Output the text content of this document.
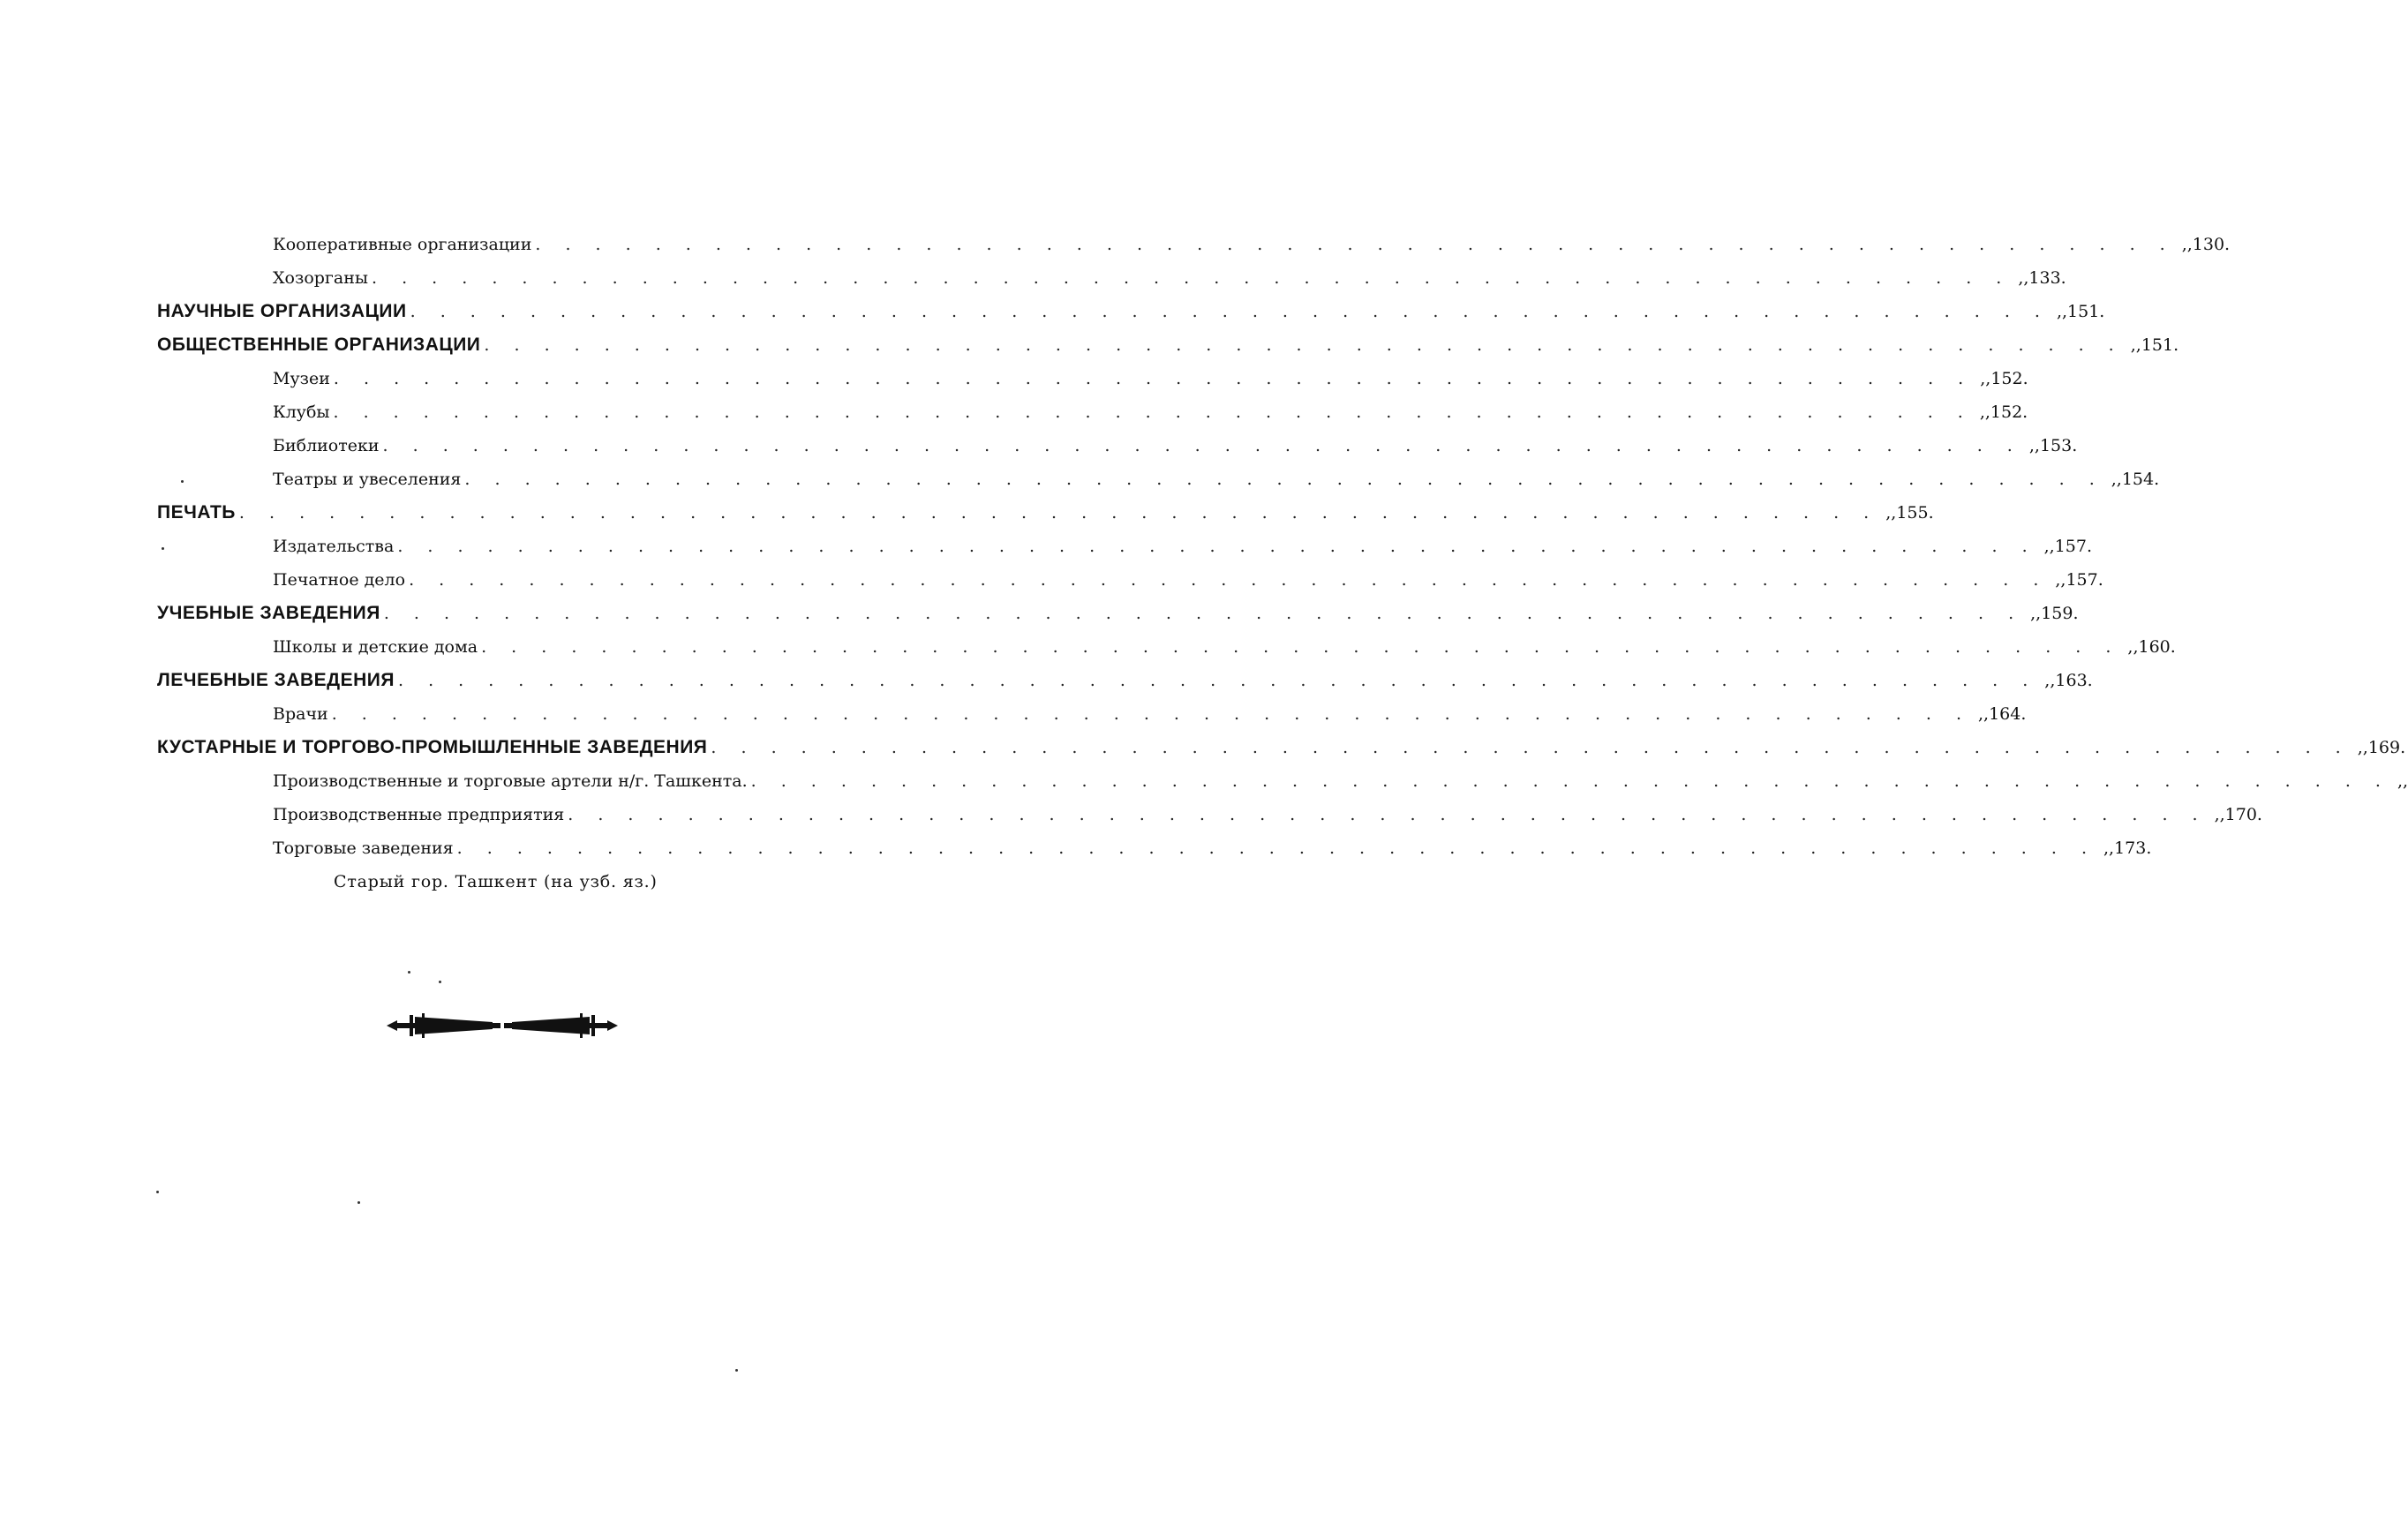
Кооперативные организации . . . . . . . . . . . . . . . . . . . . . . . . . . . . . . . . . . . . . . . . . . . . . . . . . . . . . . . ,, 130.
Хозорганы . . . . . . . . . . . . . . . . . . . . . . . . . . . . . . . . . . . . . . . . . . . . . . . . . . . . . . . ,, 133.
НАУЧНЫЕ ОРГАНИЗАЦИИ . . . . . . . . . . . . . . . . . . . . . . . . . . . . . . . . . . . . . . . . . . . . . . . . . . . . . . . ,, 151.
ОБЩЕСТВЕННЫЕ ОРГАНИЗАЦИИ . . . . . . . . . . . . . . . . . . . . . . . . . . . . . . . . . . . . . . . . . . . . . . . . . . . . . . . ,, 151.
Музеи . . . . . . . . . . . . . . . . . . . . . . . . . . . . . . . . . . . . . . . . . . . . . . . . . . . . . . . ,, 152.
Клубы . . . . . . . . . . . . . . . . . . . . . . . . . . . . . . . . . . . . . . . . . . . . . . . . . . . . . . . ,, 152.
Библиотеки . . . . . . . . . . . . . . . . . . . . . . . . . . . . . . . . . . . . . . . . . . . . . . . . . . . . . . . ,, 153.
Театры и увеселения . . . . . . . . . . . . . . . . . . . . . . . . . . . . . . . . . . . . . . . . . . . . . . . . . . . . . . . ,, 154.
ПЕЧАТЬ . . . . . . . . . . . . . . . . . . . . . . . . . . . . . . . . . . . . . . . . . . . . . . . . . . . . . . . ,, 155.
Издательства . . . . . . . . . . . . . . . . . . . . . . . . . . . . . . . . . . . . . . . . . . . . . . . . . . . . . . . ,, 157.
Печатное дело . . . . . . . . . . . . . . . . . . . . . . . . . . . . . . . . . . . . . . . . . . . . . . . . . . . . . . . ,, 157.
УЧЕБНЫЕ ЗАВЕДЕНИЯ . . . . . . . . . . . . . . . . . . . . . . . . . . . . . . . . . . . . . . . . . . . . . . . . . . . . . . . ,, 159.
Школы и детские дома . . . . . . . . . . . . . . . . . . . . . . . . . . . . . . . . . . . . . . . . . . . . . . . . . . . . . . . ,, 160.
ЛЕЧЕБНЫЕ ЗАВЕДЕНИЯ . . . . . . . . . . . . . . . . . . . . . . . . . . . . . . . . . . . . . . . . . . . . . . . . . . . . . . . ,, 163.
Врачи . . . . . . . . . . . . . . . . . . . . . . . . . . . . . . . . . . . . . . . . . . . . . . . . . . . . . . . ,, 164.
КУСТАРНЫЕ И ТОРГОВО-ПРОМЫШЛЕННЫЕ ЗАВЕДЕНИЯ . . . . . . . . . . . . . . . . . . . . . . . . . . . . . . . . . . . . . . . . . . . . . . . . . . . . . . . ,, 169.
Производственные и торговые артели н/г. Ташкента. . . . . . . . . . . . . . . . . . . . . . . . . . . . . . . . . . . . . . . . . . . . . . . . . . . . . . . . ,,
Производственные предприятия . . . . . . . . . . . . . . . . . . . . . . . . . . . . . . . . . . . . . . . . . . . . . . . . . . . . . . . ,, 170.
Торговые заведения . . . . . . . . . . . . . . . . . . . . . . . . . . . . . . . . . . . . . . . . . . . . . . . . . . . . . . . ,, 173.
Старый гор. Ташкент (на узб. яз.)
